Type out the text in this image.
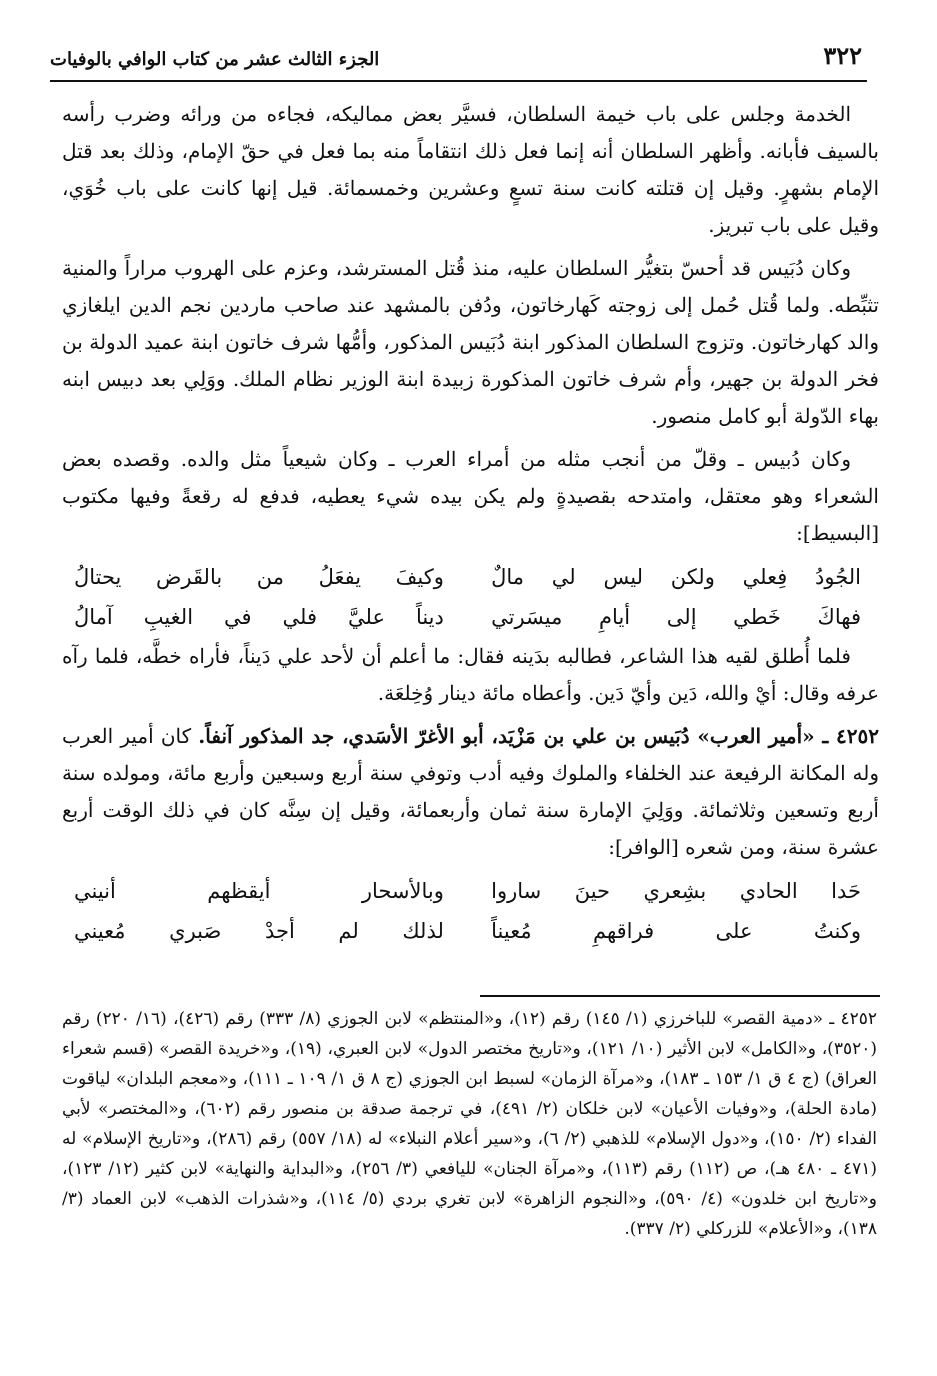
٣٢٢
الجزء الثالث عشر من كتاب الوافي بالوفيات

الخدمة وجلس على باب خيمة السلطان، فسيَّر بعض مماليكه، فجاءه من ورائه وضرب رأسه بالسيف فأبانه. وأظهر السلطان أنه إنما فعل ذلك انتقاماً منه بما فعل في حقّ الإمام، وذلك بعد قتل الإمام بشهرٍ. وقيل إن قتلته كانت سنة تسعٍ وعشرين وخمسمائة. قيل إنها كانت على باب خُوَي، وقيل على باب تبريز.

وكان دُبَيس قد أحسّ بتغيُّر السلطان عليه، منذ قُتل المسترشد، وعزم على الهروب مراراً والمنية تثبِّطه. ولما قُتل حُمل إلى زوجته كَهارخاتون، ودُفن بالمشهد عند صاحب ماردين نجم الدين ايلغازي والد كهارخاتون. وتزوج السلطان المذكور ابنة دُبَيس المذكور، وأمُّها شرف خاتون ابنة عميد الدولة بن فخر الدولة بن جهير، وأم شرف خاتون المذكورة زبيدة ابنة الوزير نظام الملك. ووَلِي بعد دبيس ابنه بهاء الدّولة أبو كامل منصور.

وكان دُبيس ـ وقلّ من أنجب مثله من أمراء العرب ـ وكان شيعياً مثل والده. وقصده بعض الشعراء وهو معتقل، وامتدحه بقصيدةٍ ولم يكن بيده شيء يعطيه، فدفع له رقعةً وفيها مكتوب [البسيط]:

الجُودُ فِعلي ولكن ليس لي مالٌ
وكيفَ يفعَلُ من بالقَرض يحتالُ
فهاكَ خَطي إلى أيامِ ميسَرتي
ديناً عليَّ فلي في الغيبِ آمالُ

فلما أُطلق لقيه هذا الشاعر، فطالبه بدَينه فقال: ما أعلم أن لأحد علي دَيناً، فأراه خطَّه، فلما رآه عرفه وقال: أيْ والله، دَين وأيّ دَين. وأعطاه مائة دينار وُخِلعَة.

٤٢٥٢ ـ «أمير العرب» دُبَيس بن علي بن مَزْيَد، أبو الأغرّ الأسَدي، جد المذكور آنفاً. كان أمير العرب وله المكانة الرفيعة عند الخلفاء والملوك وفيه أدب وتوفي سنة أربع وسبعين وأربع مائة، ومولده سنة أربع وتسعين وثلاثمائة. ووَلِيَ الإمارة سنة ثمان وأربعمائة، وقيل إن سِنَّه كان في ذلك الوقت أربع عشرة سنة، ومن شعره [الوافر]:

حَدا الحادي بشِعري حينَ ساروا
وبالأسحار أيقظهم أنيني
وكنتُ على فراقهمِ مُعيناً
لذلك لم أجدْ صَبري مُعيني

٤٢٥٢ ـ «دمية القصر» للباخرزي (١/ ١٤٥) رقم (١٢)، و«المنتظم» لابن الجوزي (٨/ ٣٣٣) رقم (٤٢٦)، (١٦/ ٢٢٠) رقم (٣٥٢٠)، و«الكامل» لابن الأثير (١٠/ ١٢١)، و«تاريخ مختصر الدول» لابن العبري، (١٩)، و«خريدة القصر» (قسم شعراء العراق) (ج ٤ ق ١/ ١٥٣ ـ ١٨٣)، و«مرآة الزمان» لسبط ابن الجوزي (ج ٨ ق ١/ ١٠٩ ـ ١١١)، و«معجم البلدان» لياقوت (مادة الحلة)، و«وفيات الأعيان» لابن خلكان (٢/ ٤٩١)، في ترجمة صدقة بن منصور رقم (٦٠٢)، و«المختصر» لأبي الفداء (٢/ ١٥٠)، و«دول الإسلام» للذهبي (٢/ ٦)، و«سير أعلام النبلاء» له (١٨/ ٥٥٧) رقم (٢٨٦)، و«تاريخ الإسلام» له (٤٧١ ـ ٤٨٠ هـ)، ص (١١٢) رقم (١١٣)، و«مرآة الجنان» لليافعي (٣/ ٢٥٦)، و«البداية والنهاية» لابن كثير (١٢/ ١٢٣)، و«تاريخ ابن خلدون» (٤/ ٥٩٠)، و«النجوم الزاهرة» لابن تغري بردي (٥/ ١١٤)، و«شذرات الذهب» لابن العماد (٣/ ١٣٨)، و«الأعلام» للزركلي (٢/ ٣٣٧).
